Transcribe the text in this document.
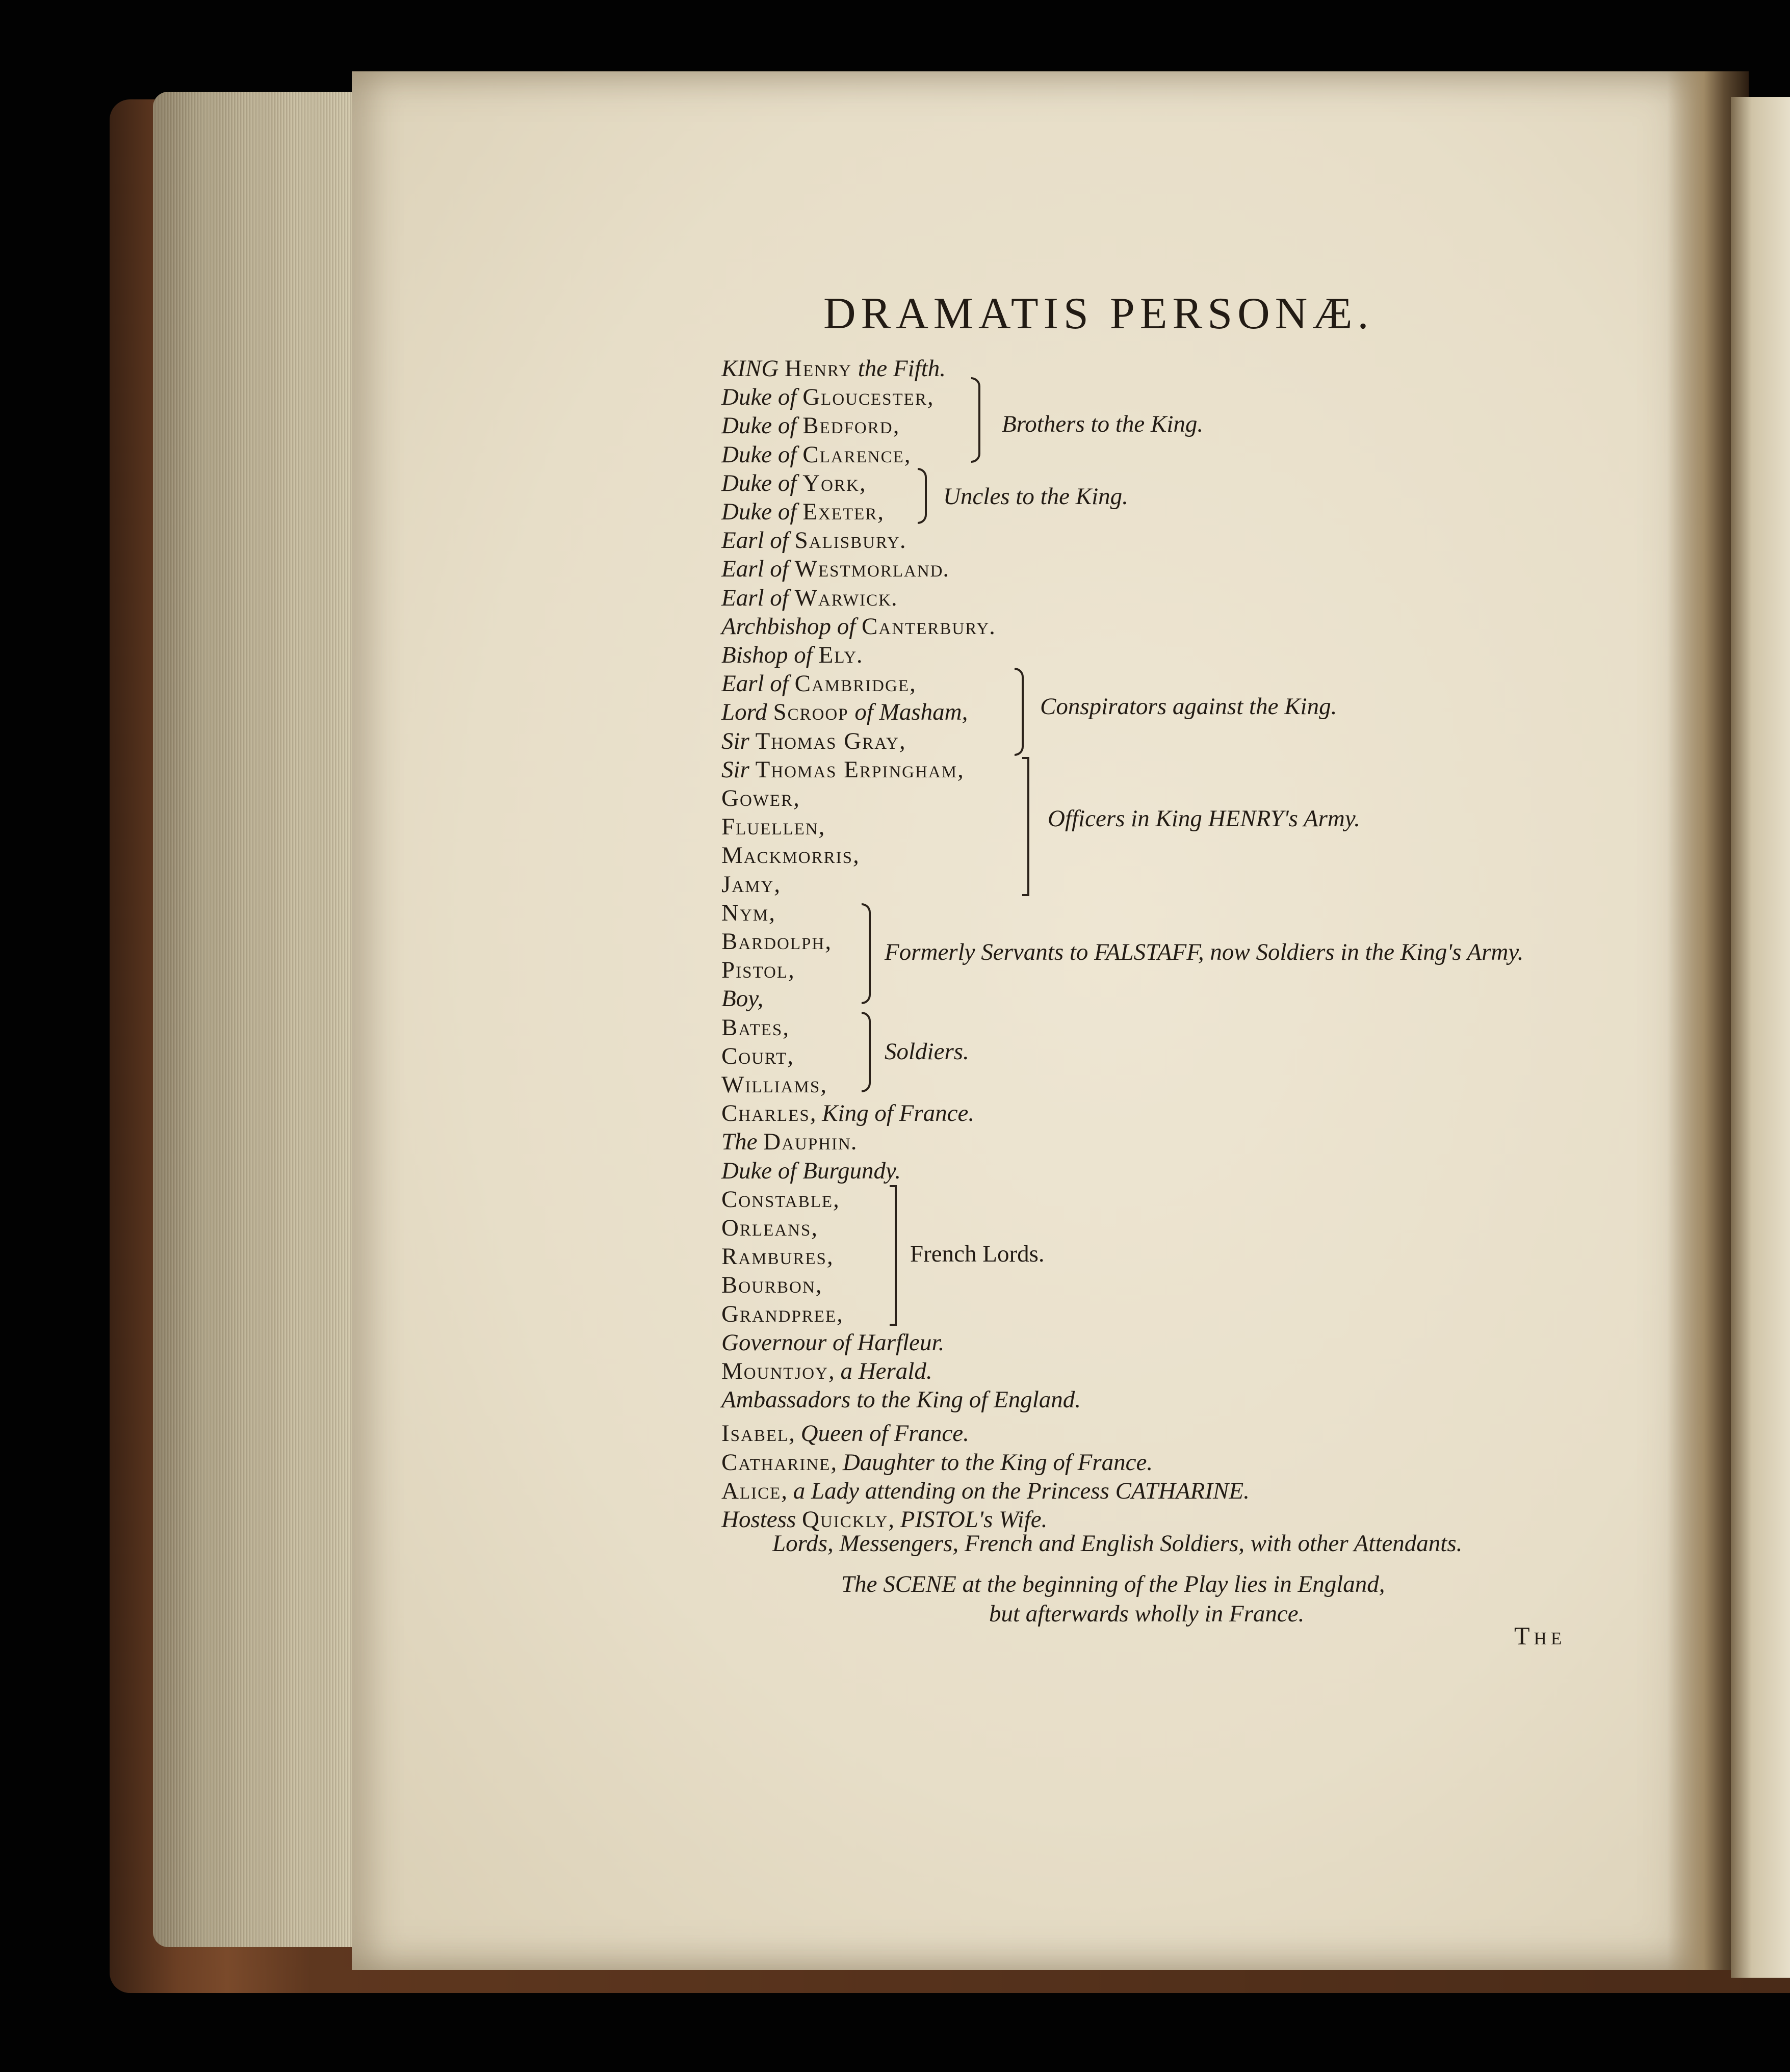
DRAMATIS PERSONÆ.
KING Henry the Fifth.
Duke of Gloucester,
Duke of Bedford,
Duke of Clarence,
Duke of York,
Duke of Exeter,
Earl of Salisbury.
Earl of Westmorland.
Earl of Warwick.
Archbishop of Canterbury.
Bishop of Ely.
Earl of Cambridge,
Lord Scroop of Masham,
Sir Thomas Gray,
Sir Thomas Erpingham,
Gower,
Fluellen,
Mackmorris,
Jamy,
Nym,
Bardolph,
Pistol,
Boy,
Bates,
Court,
Williams,
Charles, King of France.
The Dauphin.
Duke of Burgundy.
Constable,
Orleans,
Rambures,
Bourbon,
Grandpree,
Governour of Harfleur.
Mountjoy, a Herald.
Ambassadors to the King of England.
Isabel, Queen of France.
Catharine, Daughter to the King of France.
Alice, a Lady attending on the Princess CATHARINE.
Hostess Quickly, PISTOL's Wife.
Brothers to the King.
Uncles to the King.
Conspirators against the King.
Officers in King HENRY's Army.
Formerly Servants to FALSTAFF, now Soldiers in the King's Army.
Soldiers.
French Lords.
Lords, Messengers, French and English Soldiers, with other Attendants.
The SCENE at the beginning of the Play lies in England,
but afterwards wholly in France.
The
